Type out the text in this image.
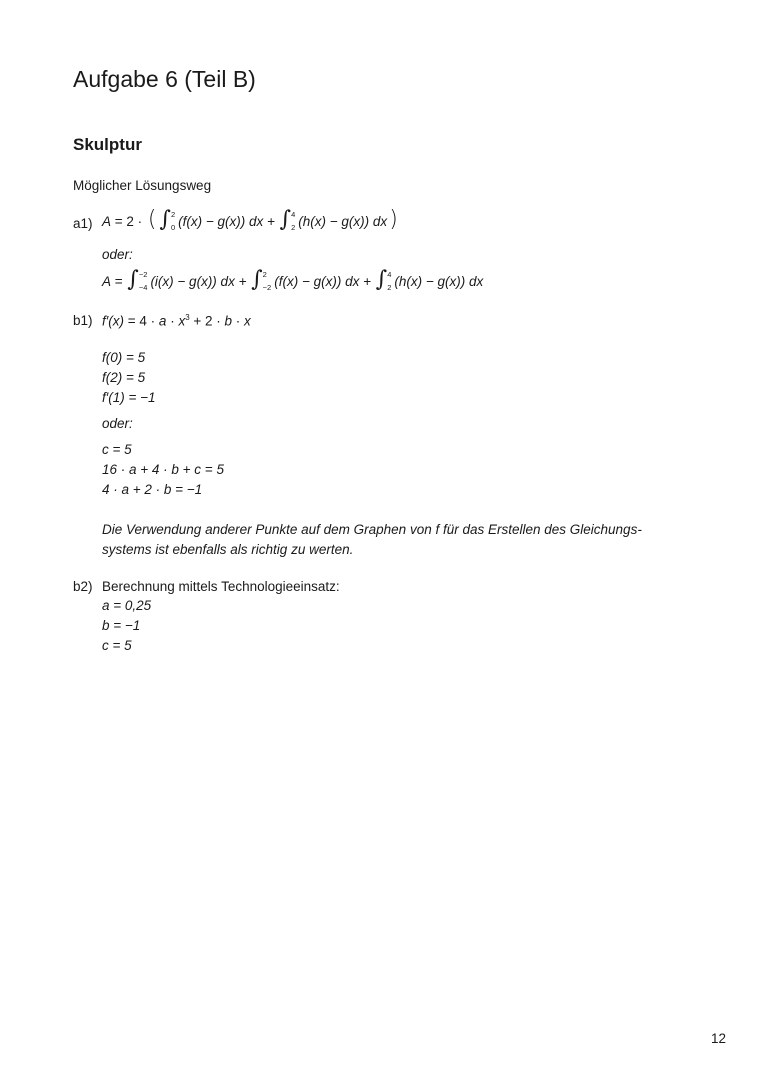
Aufgabe 6 (Teil B)
Skulptur
Möglicher Lösungsweg
a1) A = 2 · ( ∫ 2
0 (f(x) − g(x)) dx + ∫ 4
2 (h(x) − g(x)) dx )
oder:
A = ∫ −2
−4 (i(x) − g(x)) dx + ∫ 2
−2 (f(x) − g(x)) dx + ∫ 4
2 (h(x) − g(x)) dx
b1) $f'(x) = 4 \cdot a \cdot x^3 + 2 \cdot b \cdot x$
f(0) = 5
f(2) = 5
f′(1) = −1
oder:
c = 5
16 · a + 4 · b + c = 5
4 · a + 2 · b = −1
Die Verwendung anderer Punkte auf dem Graphen von f für das Erstellen des Gleichungs-
systems ist ebenfalls als richtig zu werten.
b2) Berechnung mittels Technologieeinsatz:
a = 0,25
b = −1
c = 5
12
